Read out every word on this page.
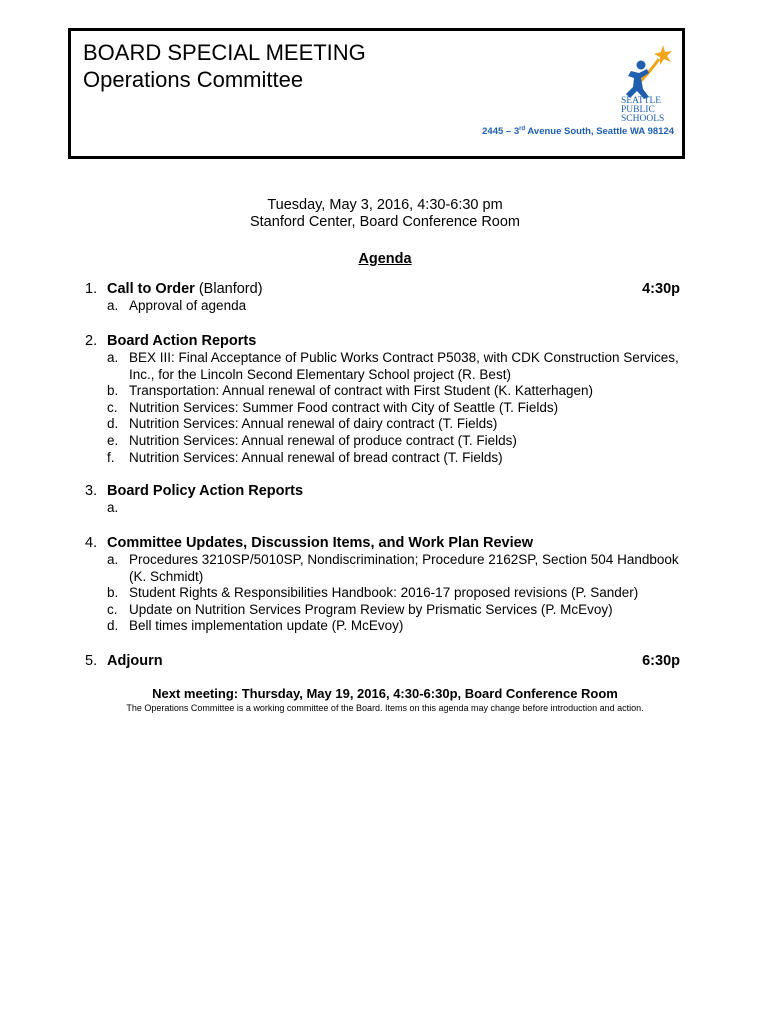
BOARD SPECIAL MEETING
Operations Committee
SEATTLE
PUBLIC
SCHOOLS
2445 – 3rd Avenue South, Seattle WA 98124
Tuesday, May 3, 2016, 4:30-6:30 pm
Stanford Center, Board Conference Room
Agenda
1. Call to Order (Blanford)	4:30p
a. Approval of agenda
2. Board Action Reports
a. BEX III: Final Acceptance of Public Works Contract P5038, with CDK Construction Services, Inc., for the Lincoln Second Elementary School project (R. Best)
b. Transportation: Annual renewal of contract with First Student (K. Katterhagen)
c. Nutrition Services: Summer Food contract with City of Seattle (T. Fields)
d. Nutrition Services: Annual renewal of dairy contract (T. Fields)
e. Nutrition Services: Annual renewal of produce contract (T. Fields)
f. Nutrition Services: Annual renewal of bread contract (T. Fields)
3. Board Policy Action Reports
a.
4. Committee Updates, Discussion Items, and Work Plan Review
a. Procedures 3210SP/5010SP, Nondiscrimination; Procedure 2162SP, Section 504 Handbook (K. Schmidt)
b. Student Rights & Responsibilities Handbook: 2016-17 proposed revisions (P. Sander)
c. Update on Nutrition Services Program Review by Prismatic Services (P. McEvoy)
d. Bell times implementation update (P. McEvoy)
5. Adjourn	6:30p
Next meeting: Thursday, May 19, 2016, 4:30-6:30p, Board Conference Room
The Operations Committee is a working committee of the Board. Items on this agenda may change before introduction and action.
